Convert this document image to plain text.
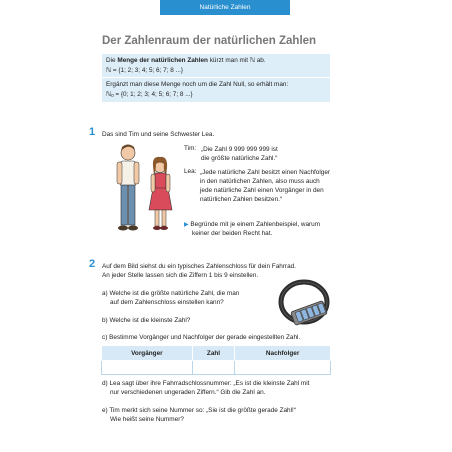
Natürliche Zahlen
Der Zahlenraum der natürlichen Zahlen
Die Menge der natürlichen Zahlen kürzt man mit ℕ ab.
ℕ = {1; 2; 3; 4; 5; 6; 7; 8 ...}
Ergänzt man diese Menge noch um die Zahl Null, so erhält man:
ℕ0 = {0; 1; 2; 3; 4; 5; 6; 7; 8 ...}
1 Das sind Tim und seine Schwester Lea.
Tim: „Die Zahl 9 999 999 999 ist
die größte natürliche Zahl.“
Lea: „Jede natürliche Zahl besitzt einen Nachfolger
in den natürlichen Zahlen, also muss auch
jede natürliche Zahl einen Vorgänger in den
natürlichen Zahlen besitzen.“
▶ Begründe mit je einem Zahlenbeispiel, warum
keiner der beiden Recht hat.
2 Auf dem Bild siehst du ein typisches Zahlenschloss für dein Fahrrad.
An jeder Stelle lassen sich die Ziffern 1 bis 9 einstellen.
a) Welche ist die größte natürliche Zahl, die man
auf dem Zahlenschloss einstellen kann?
b) Welche ist die kleinste Zahl?
c) Bestimme Vorgänger und Nachfolger der gerade eingestellten Zahl.
Vorgänger	Zahl	Nachfolger

d) Lea sagt über ihre Fahrradschlossnummer: „Es ist die kleinste Zahl mit
nur verschiedenen ungeraden Ziffern.“ Gib die Zahl an.
e) Tim merkt sich seine Nummer so: „Sie ist die größte gerade Zahl!“
Wie heißt seine Nummer?
